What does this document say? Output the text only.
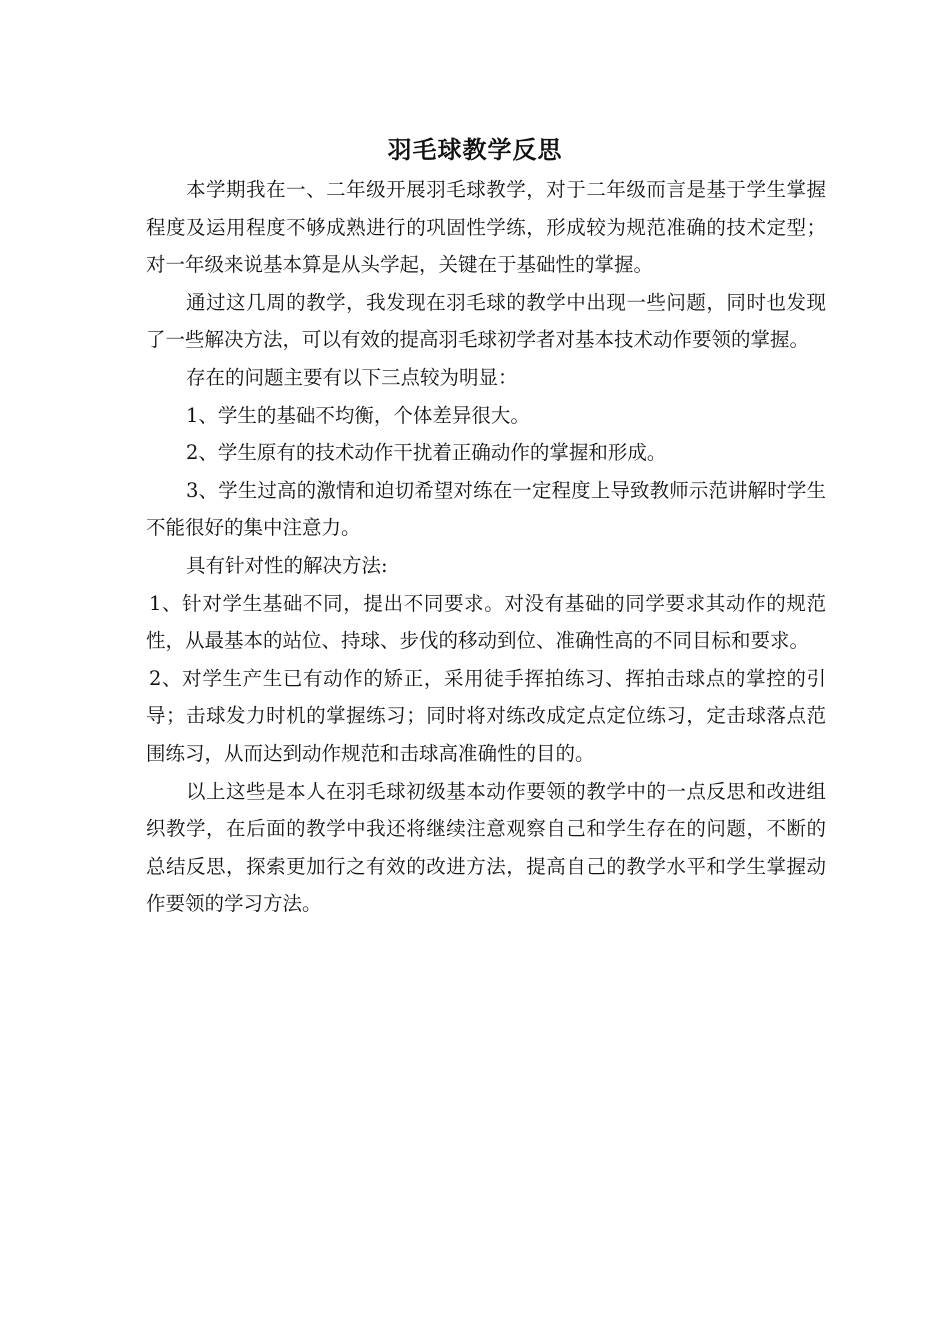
羽毛球教学反思

本学期我在一、二年级开展羽毛球教学，对于二年级而言是基于学生掌握程度及运用程度不够成熟进行的巩固性学练，形成较为规范准确的技术定型；对一年级来说基本算是从头学起，关键在于基础性的掌握。

通过这几周的教学，我发现在羽毛球的教学中出现一些问题，同时也发现了一些解决方法，可以有效的提高羽毛球初学者对基本技术动作要领的掌握。

存在的问题主要有以下三点较为明显：

1、学生的基础不均衡，个体差异很大。

2、学生原有的技术动作干扰着正确动作的掌握和形成。

3、学生过高的激情和迫切希望对练在一定程度上导致教师示范讲解时学生不能很好的集中注意力。

具有针对性的解决方法:

1、针对学生基础不同，提出不同要求。对没有基础的同学要求其动作的规范性，从最基本的站位、持球、步伐的移动到位、准确性高的不同目标和要求。

2、对学生产生已有动作的矫正，采用徒手挥拍练习、挥拍击球点的掌控的引导；击球发力时机的掌握练习；同时将对练改成定点定位练习，定击球落点范围练习，从而达到动作规范和击球高准确性的目的。

以上这些是本人在羽毛球初级基本动作要领的教学中的一点反思和改进组织教学，在后面的教学中我还将继续注意观察自己和学生存在的问题，不断的总结反思，探索更加行之有效的改进方法，提高自己的教学水平和学生掌握动作要领的学习方法。
